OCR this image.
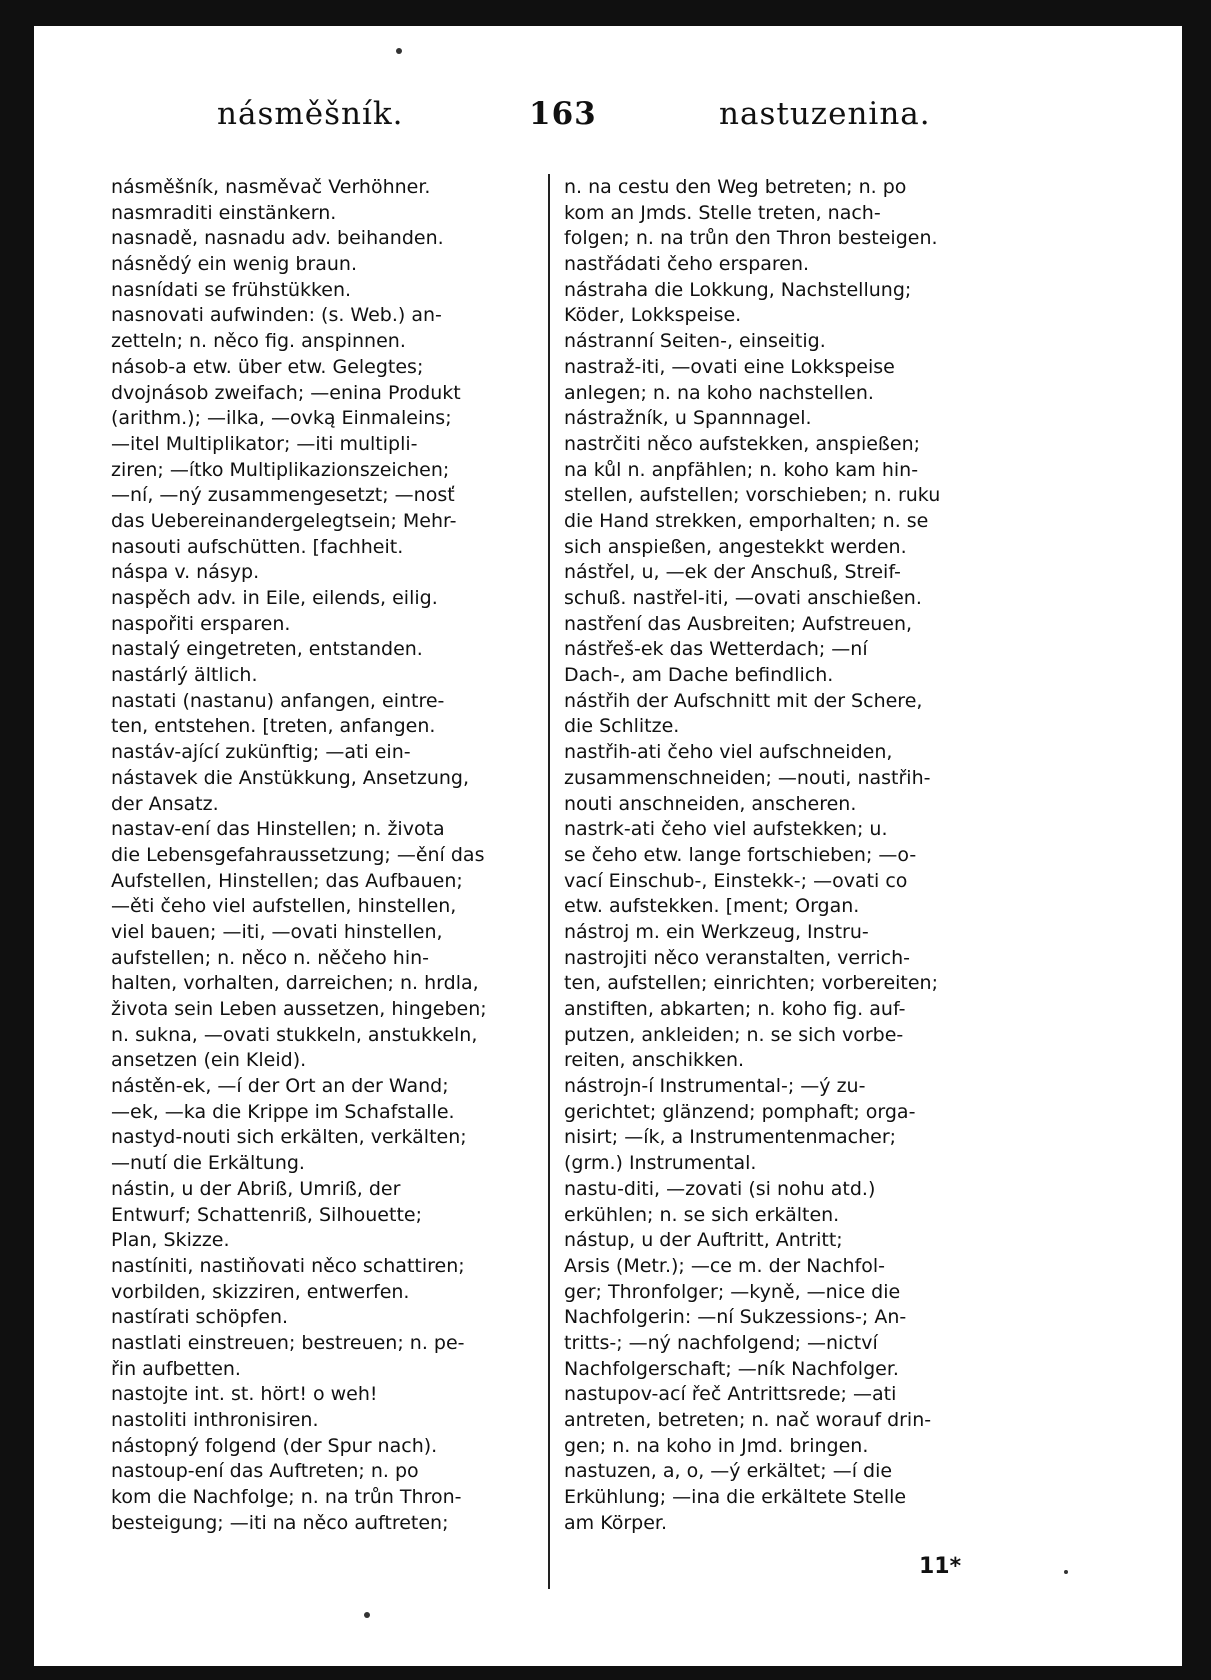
násměšník.	163	nastuzenina.
násměšník, nasměvač Verhöhner.
nasmraditi einstänkern.
nasnadě, nasnadu adv. beihanden.
násnědý ein wenig braun.
nasnídati se frühstükken.
nasnovati aufwinden: (s. Web.) an-
zetteln; n. něco fig. anspinnen.
násob-a etw. über etw. Gelegtes;
dvojnásob zweifach; —enina Produkt
(arithm.); —ilka, —ovką Einmaleins;
—itel Multiplikator; —iti multipli-
ziren; —ítko Multiplikazionszeichen;
—ní, —ný zusammengesetzt; —nosť
das Uebereinandergelegtsein; Mehr-
nasouti aufschütten. [fachheit.
náspa v. násyp.
naspěch adv. in Eile, eilends, eilig.
naspořiti ersparen.
nastalý eingetreten, entstanden.
nastárlý ältlich.
nastati (nastanu) anfangen, eintre-
ten, entstehen. [treten, anfangen.
nastáv-ající zukünftig; —ati ein-
nástavek die Anstükkung, Ansetzung,
der Ansatz.
nastav-ení das Hinstellen; n. života
die Lebensgefahraussetzung; —ění das
Aufstellen, Hinstellen; das Aufbauen;
—ěti čeho viel aufstellen, hinstellen,
viel bauen; —iti, —ovati hinstellen,
aufstellen; n. něco n. něčeho hin-
halten, vorhalten, darreichen; n. hrdla,
života sein Leben aussetzen, hingeben;
n. sukna, —ovati stukkeln, anstukkeln,
ansetzen (ein Kleid).
nástěn-ek, —í der Ort an der Wand;
—ek, —ka die Krippe im Schafstalle.
nastyd-nouti sich erkälten, verkälten;
—nutí die Erkältung.
nástin, u der Abriß, Umriß, der
Entwurf; Schattenriß, Silhouette;
Plan, Skizze.
nastíniti, nastiňovati něco schattiren;
vorbilden, skizziren, entwerfen.
nastírati schöpfen.
nastlati einstreuen; bestreuen; n. pe-
řin aufbetten.
nastojte int. st. hört! o weh!
nastoliti inthronisiren.
nástopný folgend (der Spur nach).
nastoup-ení das Auftreten; n. po
kom die Nachfolge; n. na trůn Thron-
besteigung; —iti na něco auftreten;
n. na cestu den Weg betreten; n. po
kom an Jmds. Stelle treten, nach-
folgen; n. na trůn den Thron besteigen.
nastřádati čeho ersparen.
nástraha die Lokkung, Nachstellung;
Köder, Lokkspeise.
nástranní Seiten-, einseitig.
nastraž-iti, —ovati eine Lokkspeise
anlegen; n. na koho nachstellen.
nástražník, u Spannnagel.
nastrčiti něco aufstekken, anspießen;
na kůl n. anpfählen; n. koho kam hin-
stellen, aufstellen; vorschieben; n. ruku
die Hand strekken, emporhalten; n. se
sich anspießen, angestekkt werden.
nástřel, u, —ek der Anschuß, Streif-
schuß. nastřel-iti, —ovati anschießen.
nastření das Ausbreiten; Aufstreuen,
nástřeš-ek das Wetterdach; —ní
Dach-, am Dache befindlich.
nástřih der Aufschnitt mit der Schere,
die Schlitze.
nastřih-ati čeho viel aufschneiden,
zusammenschneiden; —nouti, nastřih-
nouti anschneiden, anscheren.
nastrk-ati čeho viel aufstekken; u.
se čeho etw. lange fortschieben; —o-
vací Einschub-, Einstekk-; —ovati co
etw. aufstekken. [ment; Organ.
nástroj m. ein Werkzeug, Instru-
nastrojiti něco veranstalten, verrich-
ten, aufstellen; einrichten; vorbereiten;
anstiften, abkarten; n. koho fig. auf-
putzen, ankleiden; n. se sich vorbe-
reiten, anschikken.
nástrojn-í Instrumental-; —ý zu-
gerichtet; glänzend; pomphaft; orga-
nisirt; —ík, a Instrumentenmacher;
(grm.) Instrumental.
nastu-diti, —zovati (si nohu atd.)
erkühlen; n. se sich erkälten.
nástup, u der Auftritt, Antritt;
Arsis (Metr.); —ce m. der Nachfol-
ger; Thronfolger; —kyně, —nice die
Nachfolgerin: —ní Sukzessions-; An-
tritts-; —ný nachfolgend; —nictví
Nachfolgerschaft; —ník Nachfolger.
nastupov-ací řeč Antrittsrede; —ati
antreten, betreten; n. nač worauf drin-
gen; n. na koho in Jmd. bringen.
nastuzen, a, o, —ý erkältet; —í die
Erkühlung; —ina die erkältete Stelle
am Körper.
11*
